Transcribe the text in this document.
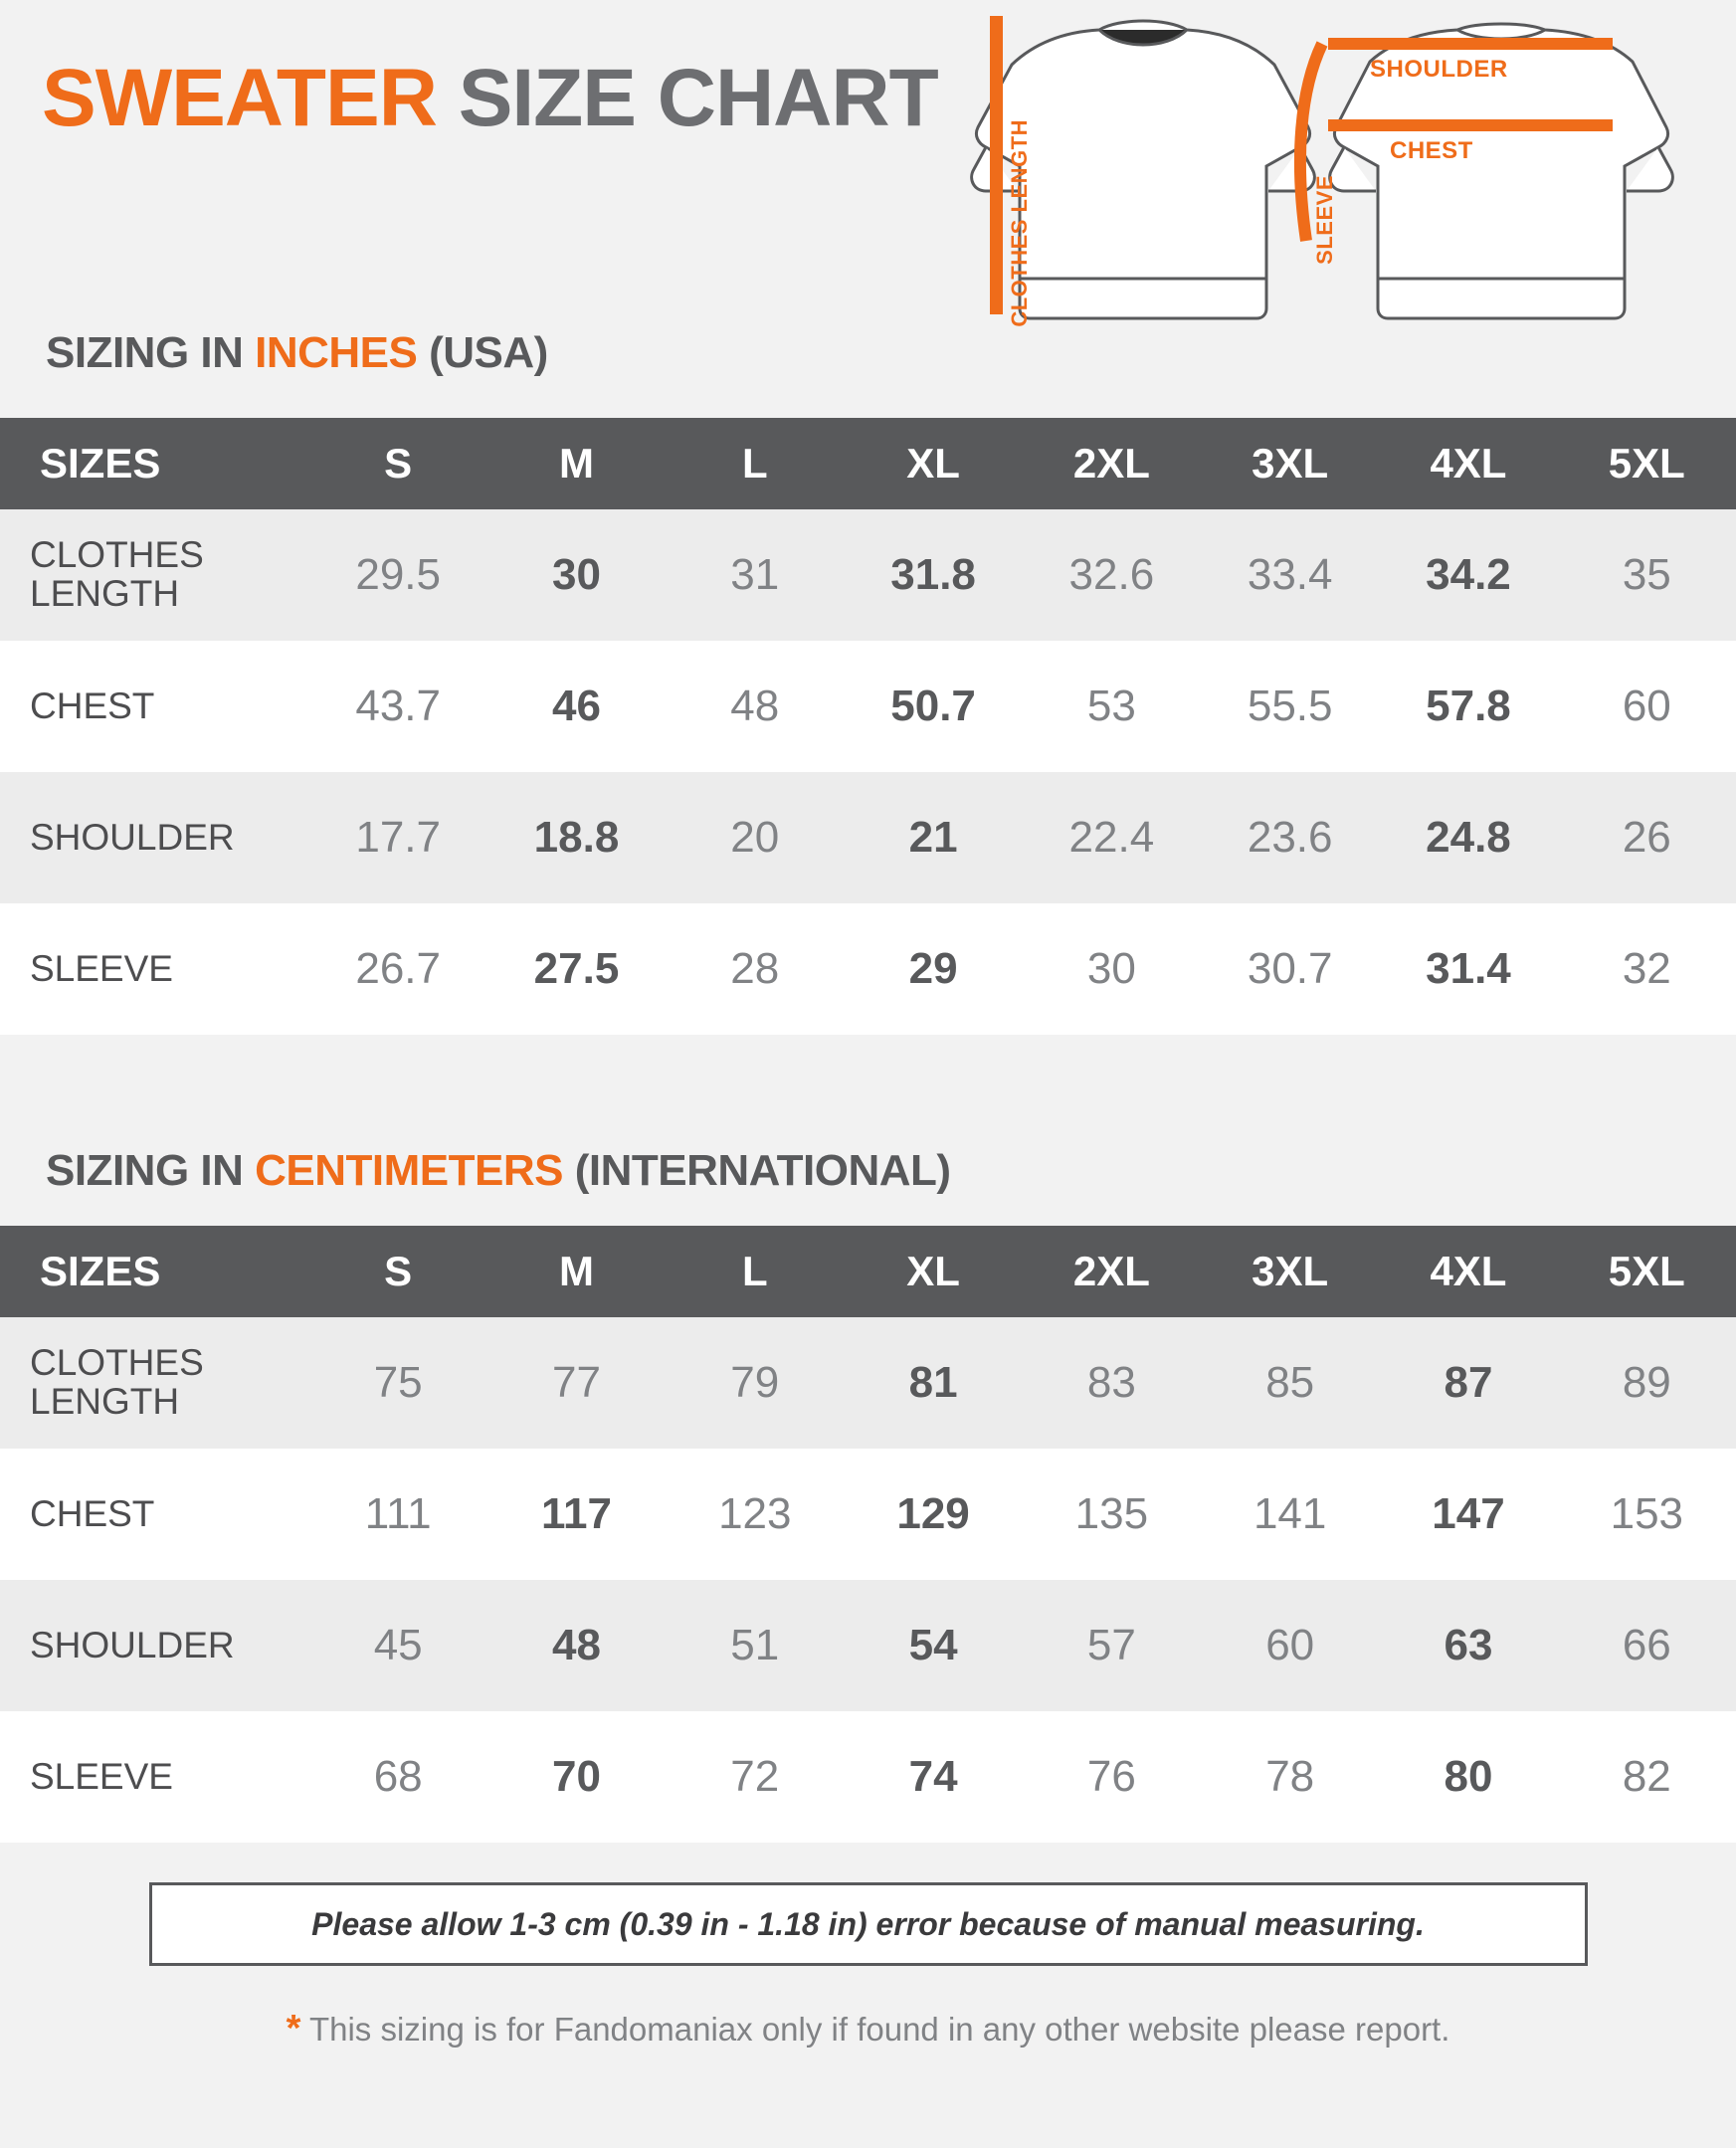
SWEATER SIZE CHART
SIZING IN INCHES (USA)
CLOTHES LENGTH
SHOULDER
CHEST
SLEEVE
SIZES	S	M	L	XL	2XL	3XL	4XL	5XL
CLOTHES LENGTH	29.5	30	31	31.8	32.6	33.4	34.2	35
CHEST	43.7	46	48	50.7	53	55.5	57.8	60
SHOULDER	17.7	18.8	20	21	22.4	23.6	24.8	26
SLEEVE	26.7	27.5	28	29	30	30.7	31.4	32
SIZING IN CENTIMETERS (INTERNATIONAL)
SIZES	S	M	L	XL	2XL	3XL	4XL	5XL
CLOTHES LENGTH	75	77	79	81	83	85	87	89
CHEST	111	117	123	129	135	141	147	153
SHOULDER	45	48	51	54	57	60	63	66
SLEEVE	68	70	72	74	76	78	80	82
Please allow 1-3 cm (0.39 in - 1.18 in) error because of manual measuring.
* This sizing is for Fandomaniax only if found in any other website please report.
